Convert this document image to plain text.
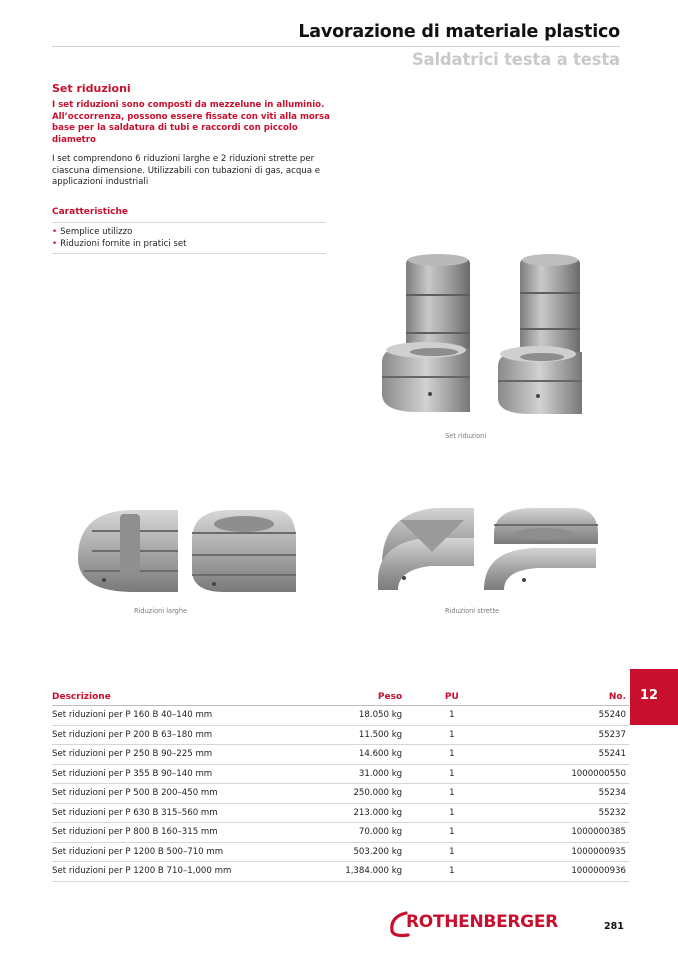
Lavorazione di materiale plastico
Saldatrici testa a testa
Set riduzioni
I set riduzioni sono composti da mezzelune in alluminio. All’occorrenza, possono essere fissate con viti alla morsa base per la saldatura di tubi e raccordi con piccolo diametro
I set comprendono 6 riduzioni larghe e 2 riduzioni strette per ciascuna dimensione. Utilizzabili con tubazioni di gas, acqua e applicazioni industriali
Caratteristiche
• Semplice utilizzo
• Riduzioni fornite in pratici set
Set riduzioni
Riduzioni larghe	Riduzioni strette
12
Descrizione	Peso	PU	No.
Set riduzioni per P 160 B 40–140 mm	18.050 kg	1	55240
Set riduzioni per P 200 B 63–180 mm	11.500 kg	1	55237
Set riduzioni per P 250 B 90–225 mm	14.600 kg	1	55241
Set riduzioni per P 355 B 90–140 mm	31.000 kg	1	1000000550
Set riduzioni per P 500 B 200–450 mm	250.000 kg	1	55234
Set riduzioni per P 630 B 315–560 mm	213.000 kg	1	55232
Set riduzioni per P 800 B 160–315 mm	70.000 kg	1	1000000385
Set riduzioni per P 1200 B 500–710 mm	503.200 kg	1	1000000935
Set riduzioni per P 1200 B 710–1,000 mm	1,384.000 kg	1	1000000936
ROTHENBERGER	281
